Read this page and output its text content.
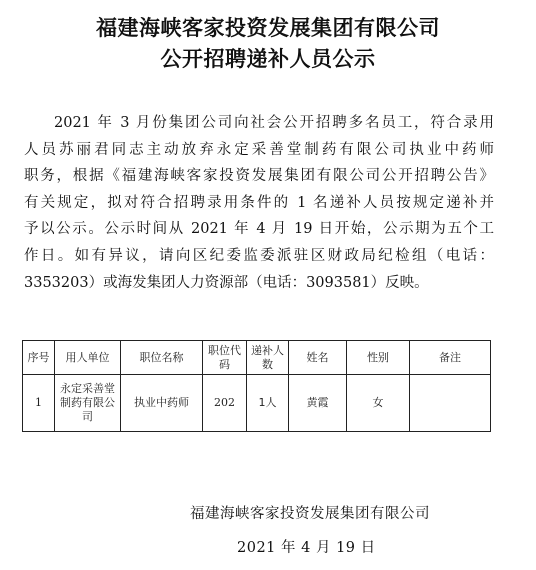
福建海峡客家投资发展集团有限公司
公开招聘递补人员公示
2021 年 3 月份集团公司向社会公开招聘多名员工，符合录用
人员苏丽君同志主动放弃永定采善堂制药有限公司执业中药师
职务，根据《福建海峡客家投资发展集团有限公司公开招聘公告》
有关规定，拟对符合招聘录用条件的 1 名递补人员按规定递补并
予以公示。公示时间从 2021 年 4 月 19 日开始，公示期为五个工
作日。如有异议，请向区纪委监委派驻区财政局纪检组（电话：
3353203）或海发集团人力资源部（电话：3093581）反映。
序号	用人单位	职位名称	职位代码	递补人数	姓名	性别	备注
1	永定采善堂制药有限公司	执业中药师	202	1人	黄霞	女	
福建海峡客家投资发展集团有限公司
2021 年 4 月 19 日
